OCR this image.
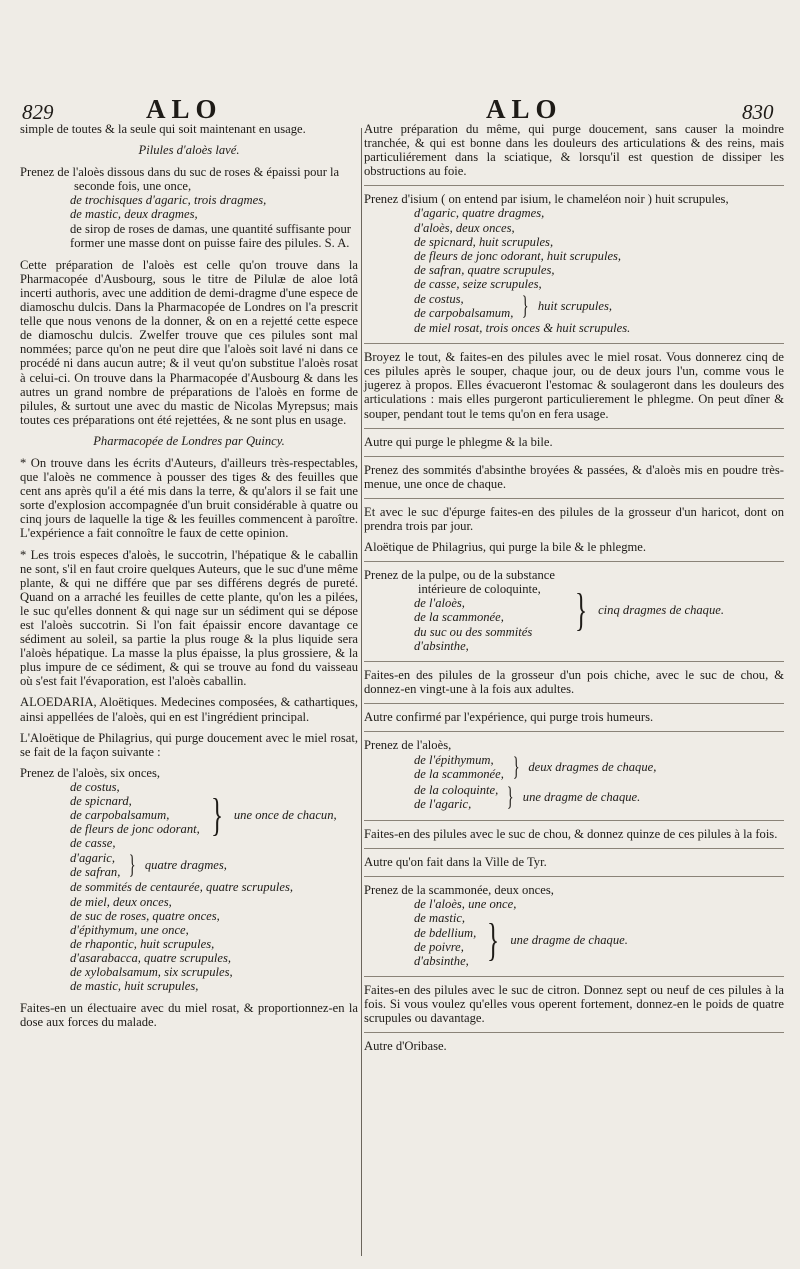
829	ALO	ALO	830

simple de toutes & la seule qui soit maintenant en usage.

Pilules d'aloès lavé.

Prenez de l'aloès dissous dans du suc de roses & épaissi pour la seconde fois, une once,
de trochisques d'agaric, trois dragmes,
de mastic, deux dragmes,
de sirop de roses de damas, une quantité suffisante pour former une masse dont on puisse faire des pilules. S. A.

Cette préparation de l'aloès est celle qu'on trouve dans la Pharmacopée d'Ausbourg, sous le titre de Pilulæ de aloe lotâ incerti authoris, avec une addition de demi-dragme d'une espece de diamoschu dulcis. Dans la Pharmacopée de Londres on l'a prescrit telle que nous venons de la donner, & on en a rejetté cette espece de diamoschu dulcis. Zwelfer trouve que ces pilules sont mal nommées; parce qu'on ne peut dire que l'aloès soit lavé ni dans ce procédé ni dans aucun autre; & il veut qu'on substitue l'aloès rosat à celui-ci. On trouve dans la Pharmacopée d'Ausbourg & dans les autres un grand nombre de préparations de l'aloès en forme de pilules, & surtout une avec du mastic de Nicolas Myrepsus; mais toutes ces préparations ont été rejettées, & ne sont plus en usage.

Pharmacopée de Londres par Quincy.

* On trouve dans les écrits d'Auteurs, d'ailleurs très-respectables, que l'aloès ne commence à pousser des tiges & des feuilles que cent ans après qu'il a été mis dans la terre, & qu'alors il se fait une sorte d'explosion accompagnée d'un bruit considérable à quatre ou cinq jours de laquelle la tige & les feuilles commencent à paroître. L'expérience a fait connoître le faux de cette opinion.

* Les trois especes d'aloès, le succotrin, l'hépatique & le caballin ne sont, s'il en faut croire quelques Auteurs, que le suc d'une même plante, & qui ne différe que par ses différens degrés de pureté. Quand on a arraché les feuilles de cette plante, qu'on les a pilées, le suc qu'elles donnent & qui nage sur un sédiment qui se dépose est l'aloès succotrin. Si l'on fait épaissir encore davantage ce sédiment au soleil, sa partie la plus rouge & la plus liquide sera l'aloès hépatique. La masse la plus épaisse, la plus grossiere, & la plus impure de ce sédiment, & qui se trouve au fond du vaisseau où s'est fait l'évaporation, est l'aloès caballin.

ALOEDARIA, Aloëtiques. Medecines composées, & cathartiques, ainsi appellées de l'aloès, qui en est l'ingrédient principal.

L'Aloëtique de Philagrius, qui purge doucement avec le miel rosat, se fait de la façon suivante :

Prenez de l'aloès, six onces,
de costus,
de spicnard,
de carpobalsamum,
de fleurs de jonc odorant,
de casse,
} une once de chacun,
d'agaric,
de safran, } quatre dragmes,
de sommités de centaurée, quatre scrupules,
de miel, deux onces,
de suc de roses, quatre onces,
d'épithymum, une once,
de rhapontic, huit scrupules,
d'asarabacca, quatre scrupules,
de xylobalsamum, six scrupules,
de mastic, huit scrupules,

Faites-en un électuaire avec du miel rosat, & proportionnez-en la dose aux forces du malade.

Autre préparation du même, qui purge doucement, sans causer la moindre tranchée, & qui est bonne dans les douleurs des articulations & des reins, mais particuliérement dans la sciatique, & lorsqu'il est question de dissiper les obstructions au foie.

Prenez d'isium ( on entend par isium, le chameléon noir ) huit scrupules,
d'agaric, quatre dragmes,
d'aloès, deux onces,
de spicnard, huit scrupules,
de fleurs de jonc odorant, huit scrupules,
de safran, quatre scrupules,
de casse, seize scrupules,
de costus,
de carpobalsamum, } huit scrupules,
de miel rosat, trois onces & huit scrupules.

Broyez le tout, & faites-en des pilules avec le miel rosat. Vous donnerez cinq de ces pilules après le souper, chaque jour, ou de deux jours l'un, comme vous le jugerez à propos. Elles évacueront l'estomac & soulageront dans les douleurs des articulations : mais elles purgeront particulierement le phlegme. On peut dîner & souper, pendant tout le tems qu'on en fera usage.

Autre qui purge le phlegme & la bile.

Prenez des sommités d'absinthe broyées & passées, & d'aloès mis en poudre très-menue, une once de chaque.

Et avec le suc d'épurge faites-en des pilules de la grosseur d'un haricot, dont on prendra trois par jour.

Aloëtique de Philagrius, qui purge la bile & le phlegme.

Prenez de la pulpe, ou de la substance intérieure de coloquinte,
de l'aloès,
de la scammonée,
du suc ou des sommités d'absinthe,
} cinq dragmes de chaque.

Faites-en des pilules de la grosseur d'un pois chiche, avec le suc de chou, & donnez-en vingt-une à la fois aux adultes.

Autre confirmé par l'expérience, qui purge trois humeurs.

Prenez de l'aloès,
de l'épithymum,
de la scammonée, } deux dragmes de chaque,
de la coloquinte,
de l'agaric,	} une dragme de chaque.

Faites-en des pilules avec le suc de chou, & donnez quinze de ces pilules à la fois.

Autre qu'on fait dans la Ville de Tyr.

Prenez de la scammonée, deux onces,
de l'aloès, une once,
de mastic,
de bdellium,
de poivre,
d'absinthe, } une dragme de chaque.

Faites-en des pilules avec le suc de citron. Donnez sept ou neuf de ces pilules à la fois. Si vous voulez qu'elles vous operent fortement, donnez-en le poids de quatre scrupules ou davantage.

Autre d'Oribase.
